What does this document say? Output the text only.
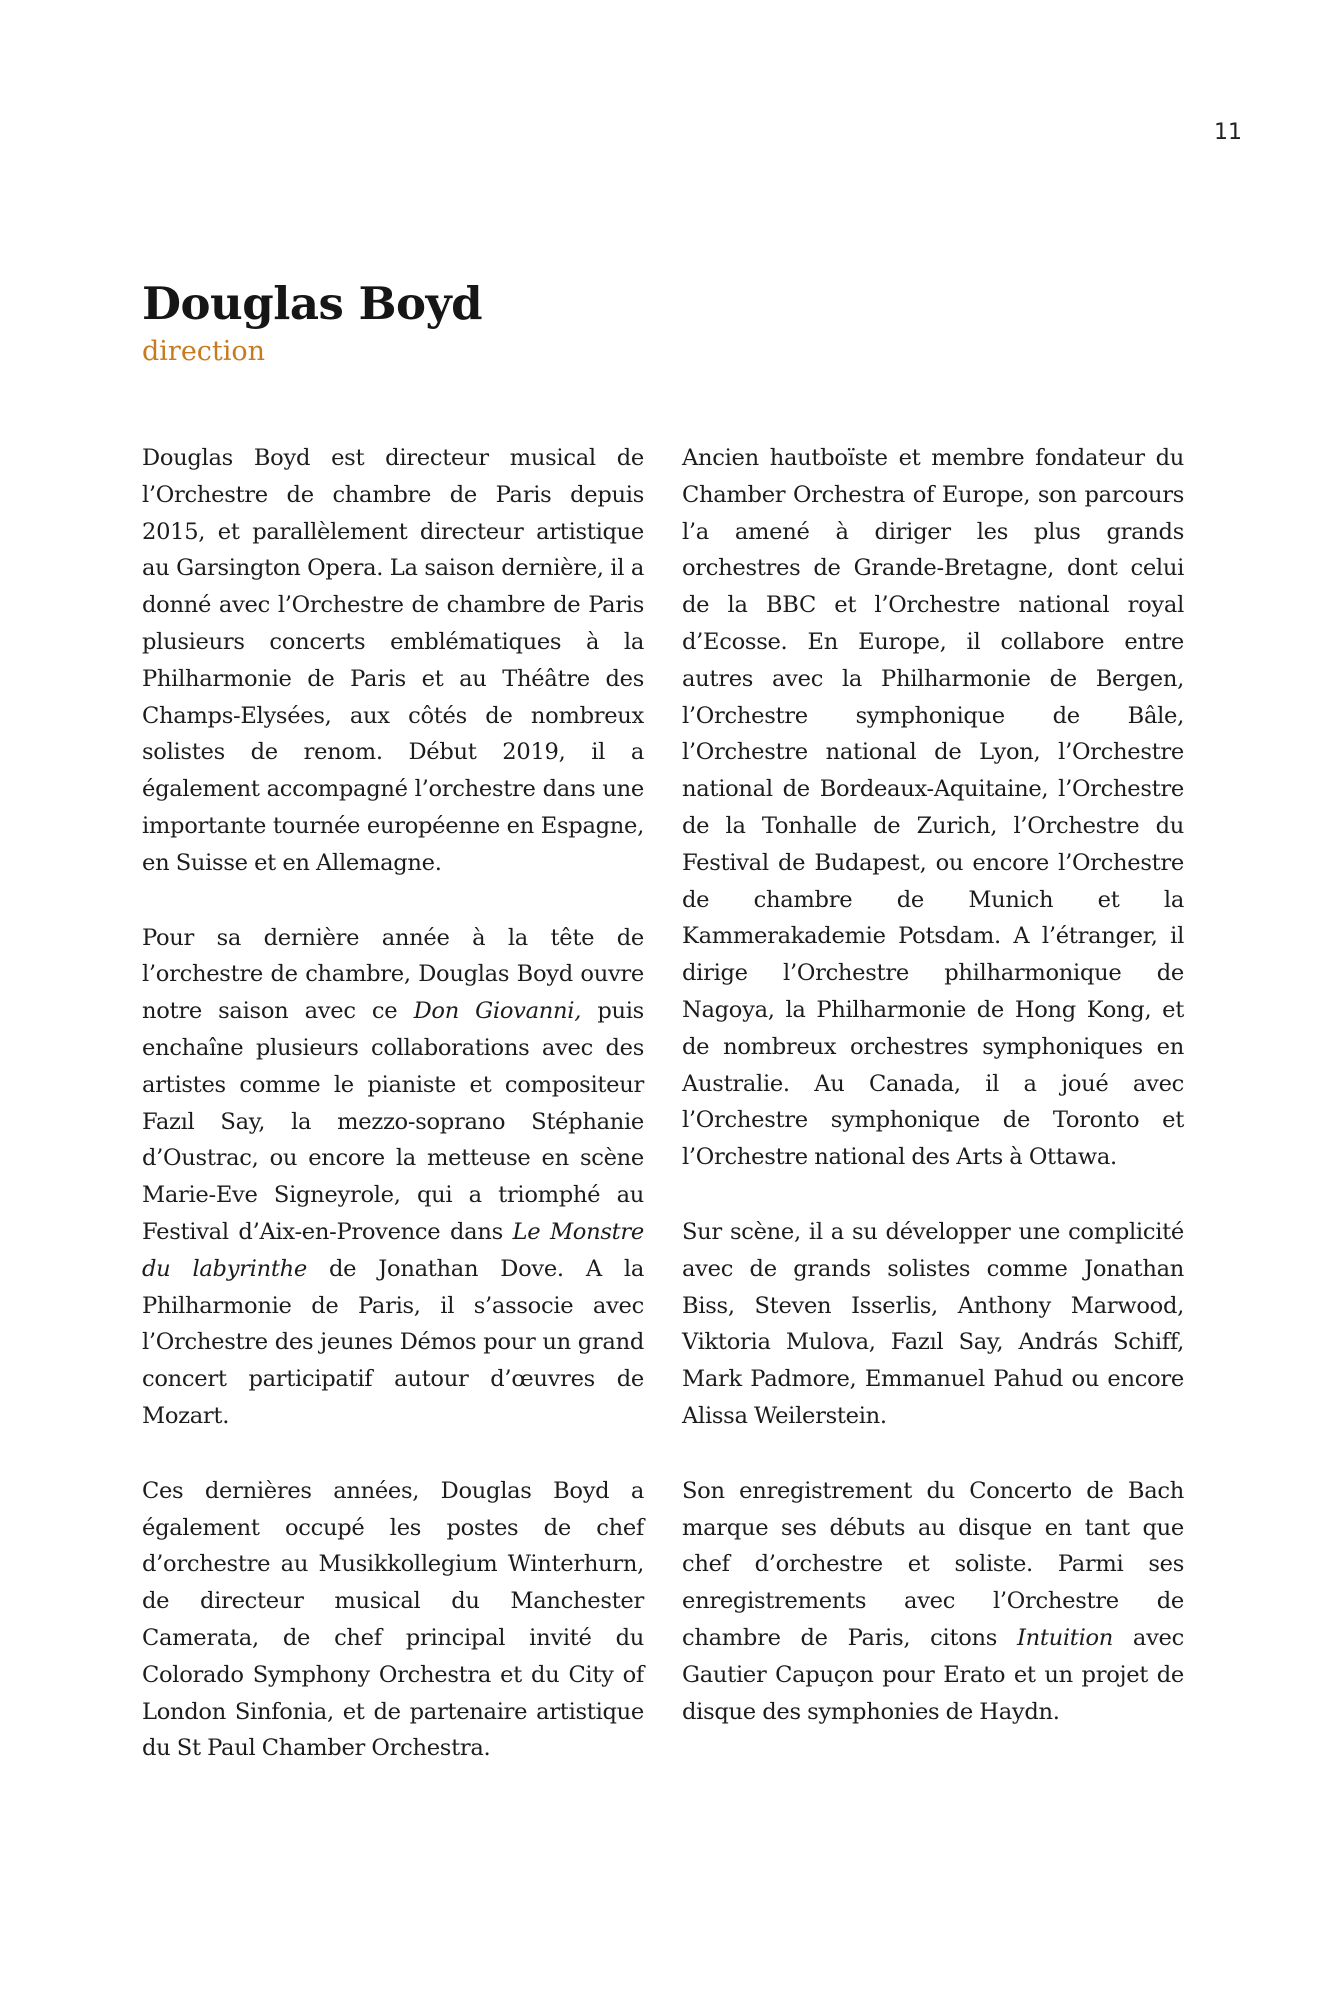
11
Douglas Boyd
direction

Douglas Boyd est directeur musical de l’Orchestre de chambre de Paris depuis 2015, et parallèlement directeur artistique au Garsington Opera. La saison dernière, il a donné avec l’Orchestre de chambre de Paris plusieurs concerts emblématiques à la Philharmonie de Paris et au Théâtre des Champs-Elysées, aux côtés de nombreux solistes de renom. Début 2019, il a également accompagné l’orchestre dans une importante tournée européenne en Espagne, en Suisse et en Allemagne.

Pour sa dernière année à la tête de l’orchestre de chambre, Douglas Boyd ouvre notre saison avec ce Don Giovanni, puis enchaîne plusieurs collaborations avec des artistes comme le pianiste et compositeur Fazıl Say, la mezzo-soprano Stéphanie d’Oustrac, ou encore la metteuse en scène Marie-Eve Signeyrole, qui a triomphé au Festival d’Aix-en-Provence dans Le Monstre du labyrinthe de Jonathan Dove. A la Philharmonie de Paris, il s’associe avec l’Orchestre des jeunes Démos pour un grand concert participatif autour d’œuvres de Mozart.

Ces dernières années, Douglas Boyd a également occupé les postes de chef d’orchestre au Musikkollegium Winterhurn, de directeur musical du Manchester Camerata, de chef principal invité du Colorado Symphony Orchestra et du City of London Sinfonia, et de partenaire artistique du St Paul Chamber Orchestra.

Ancien hautboïste et membre fondateur du Chamber Orchestra of Europe, son parcours l’a amené à diriger les plus grands orchestres de Grande-Bretagne, dont celui de la BBC et l’Orchestre national royal d’Ecosse. En Europe, il collabore entre autres avec la Philharmonie de Bergen, l’Orchestre symphonique de Bâle, l’Orchestre national de Lyon, l’Orchestre national de Bordeaux-Aquitaine, l’Orchestre de la Tonhalle de Zurich, l’Orchestre du Festival de Budapest, ou encore l’Orchestre de chambre de Munich et la Kammerakademie Potsdam. A l’étranger, il dirige l’Orchestre philharmonique de Nagoya, la Philharmonie de Hong Kong, et de nombreux orchestres symphoniques en Australie. Au Canada, il a joué avec l’Orchestre symphonique de Toronto et l’Orchestre national des Arts à Ottawa.

Sur scène, il a su développer une complicité avec de grands solistes comme Jonathan Biss, Steven Isserlis, Anthony Marwood, Viktoria Mulova, Fazıl Say, András Schiff, Mark Padmore, Emmanuel Pahud ou encore Alissa Weilerstein.

Son enregistrement du Concerto de Bach marque ses débuts au disque en tant que chef d’orchestre et soliste. Parmi ses enregistrements avec l’Orchestre de chambre de Paris, citons Intuition avec Gautier Capuçon pour Erato et un projet de disque des symphonies de Haydn.
